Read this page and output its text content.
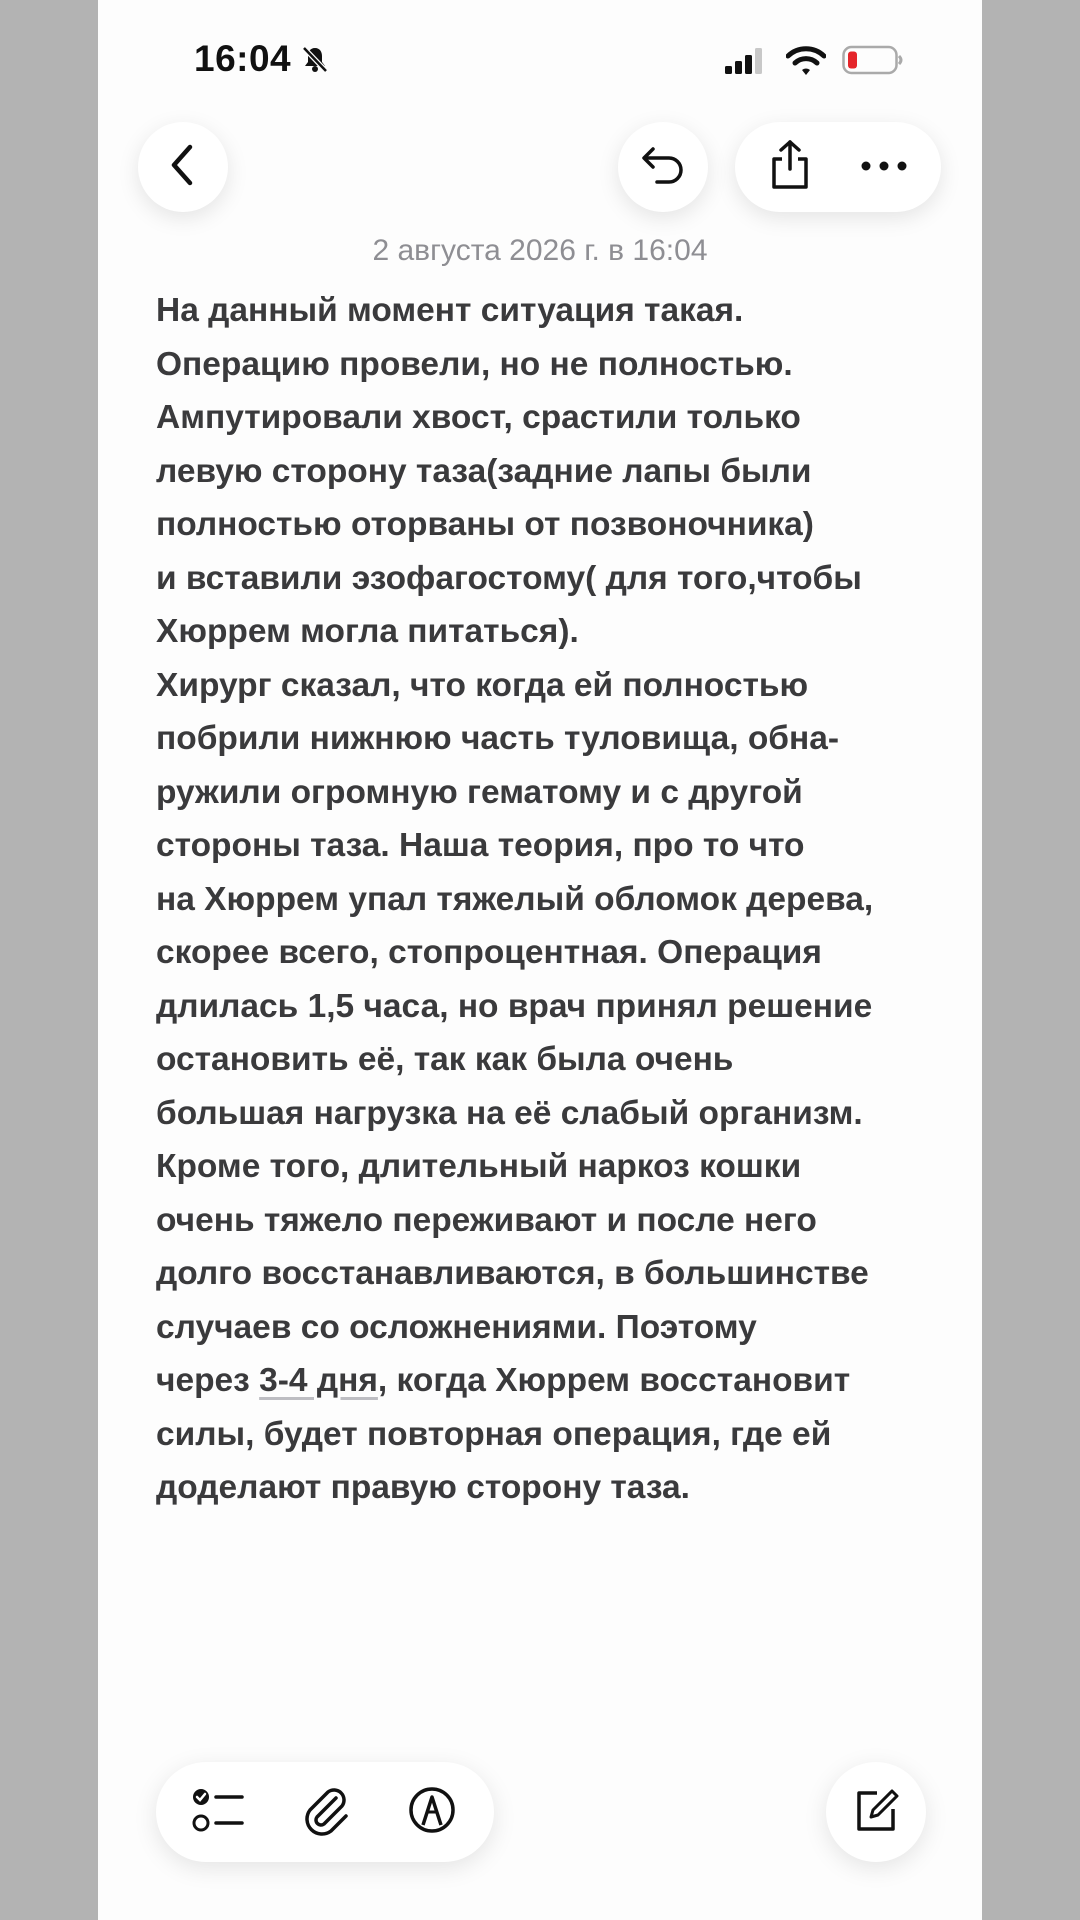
16:04
2 августа 2026 г. в 16:04
На данный момент ситуация такая.
Операцию провели, но не полностью.
Ампутировали хвост, срастили только
левую сторону таза(задние лапы были
полностью оторваны от позвоночника)
и вставили эзофагостому( для того,чтобы
Хюррем могла питаться).
Хирург сказал, что когда ей полностью
побрили нижнюю часть туловища, обна-
ружили огромную гематому и с другой
стороны таза. Наша теория, про то что
на Хюррем упал тяжелый обломок дерева,
скорее всего, стопроцентная. Операция
длилась 1,5 часа, но врач принял решение
остановить её, так как была очень
большая нагрузка на её слабый организм.
Кроме того, длительный наркоз кошки
очень тяжело переживают и после него
долго восстанавливаются, в большинстве
случаев со осложнениями. Поэтому
через 3-4 дня, когда Хюррем восстановит
силы, будет повторная операция, где ей
доделают правую сторону таза.
